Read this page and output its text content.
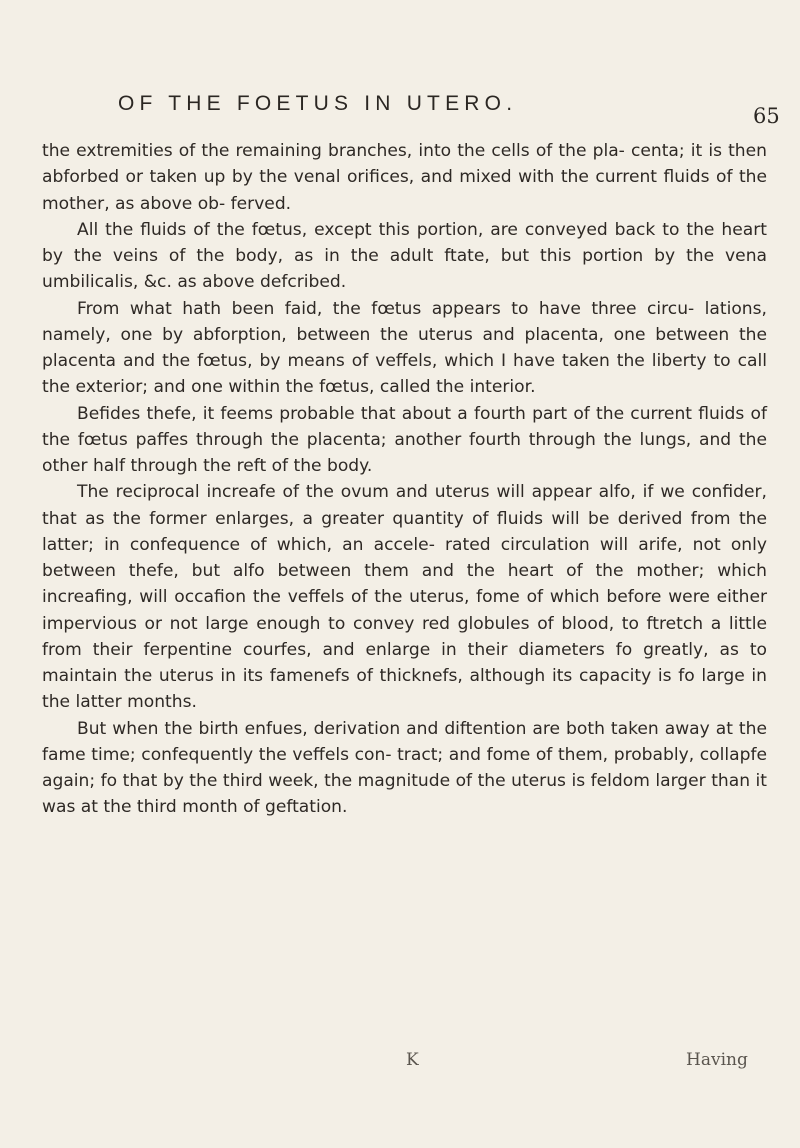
OF THE FOETUS IN UTERO.
65

the extremities of the remaining branches, into the cells of the pla- centa; it is then abforbed or taken up by the venal orifices, and mixed with the current fluids of the mother, as above ob- ferved.

All the fluids of the fœtus, except this portion, are conveyed back to the heart by the veins of the body, as in the adult ftate, but this portion by the vena umbilicalis, &c. as above defcribed.

From what hath been faid, the fœtus appears to have three circu- lations, namely, one by abforption, between the uterus and placenta, one between the placenta and the fœtus, by means of veffels, which I have taken the liberty to call the exterior; and one within the fœtus, called the interior.

Befides thefe, it feems probable that about a fourth part of the current fluids of the fœtus paffes through the placenta; another fourth through the lungs, and the other half through the reft of the body.

The reciprocal increafe of the ovum and uterus will appear alfo, if we confider, that as the former enlarges, a greater quantity of fluids will be derived from the latter; in confequence of which, an accele- rated circulation will arife, not only between thefe, but alfo between them and the heart of the mother; which increafing, will occafion the veffels of the uterus, fome of which before were either impervious or not large enough to convey red globules of blood, to ftretch a little from their ferpentine courfes, and enlarge in their diameters fo greatly, as to maintain the uterus in its famenefs of thicknefs, although its capacity is fo large in the latter months.

But when the birth enfues, derivation and diftention are both taken away at the fame time; confequently the veffels con- tract; and fome of them, probably, collapfe again; fo that by the third week, the magnitude of the uterus is feldom larger than it was at the third month of geftation.

K	Having
